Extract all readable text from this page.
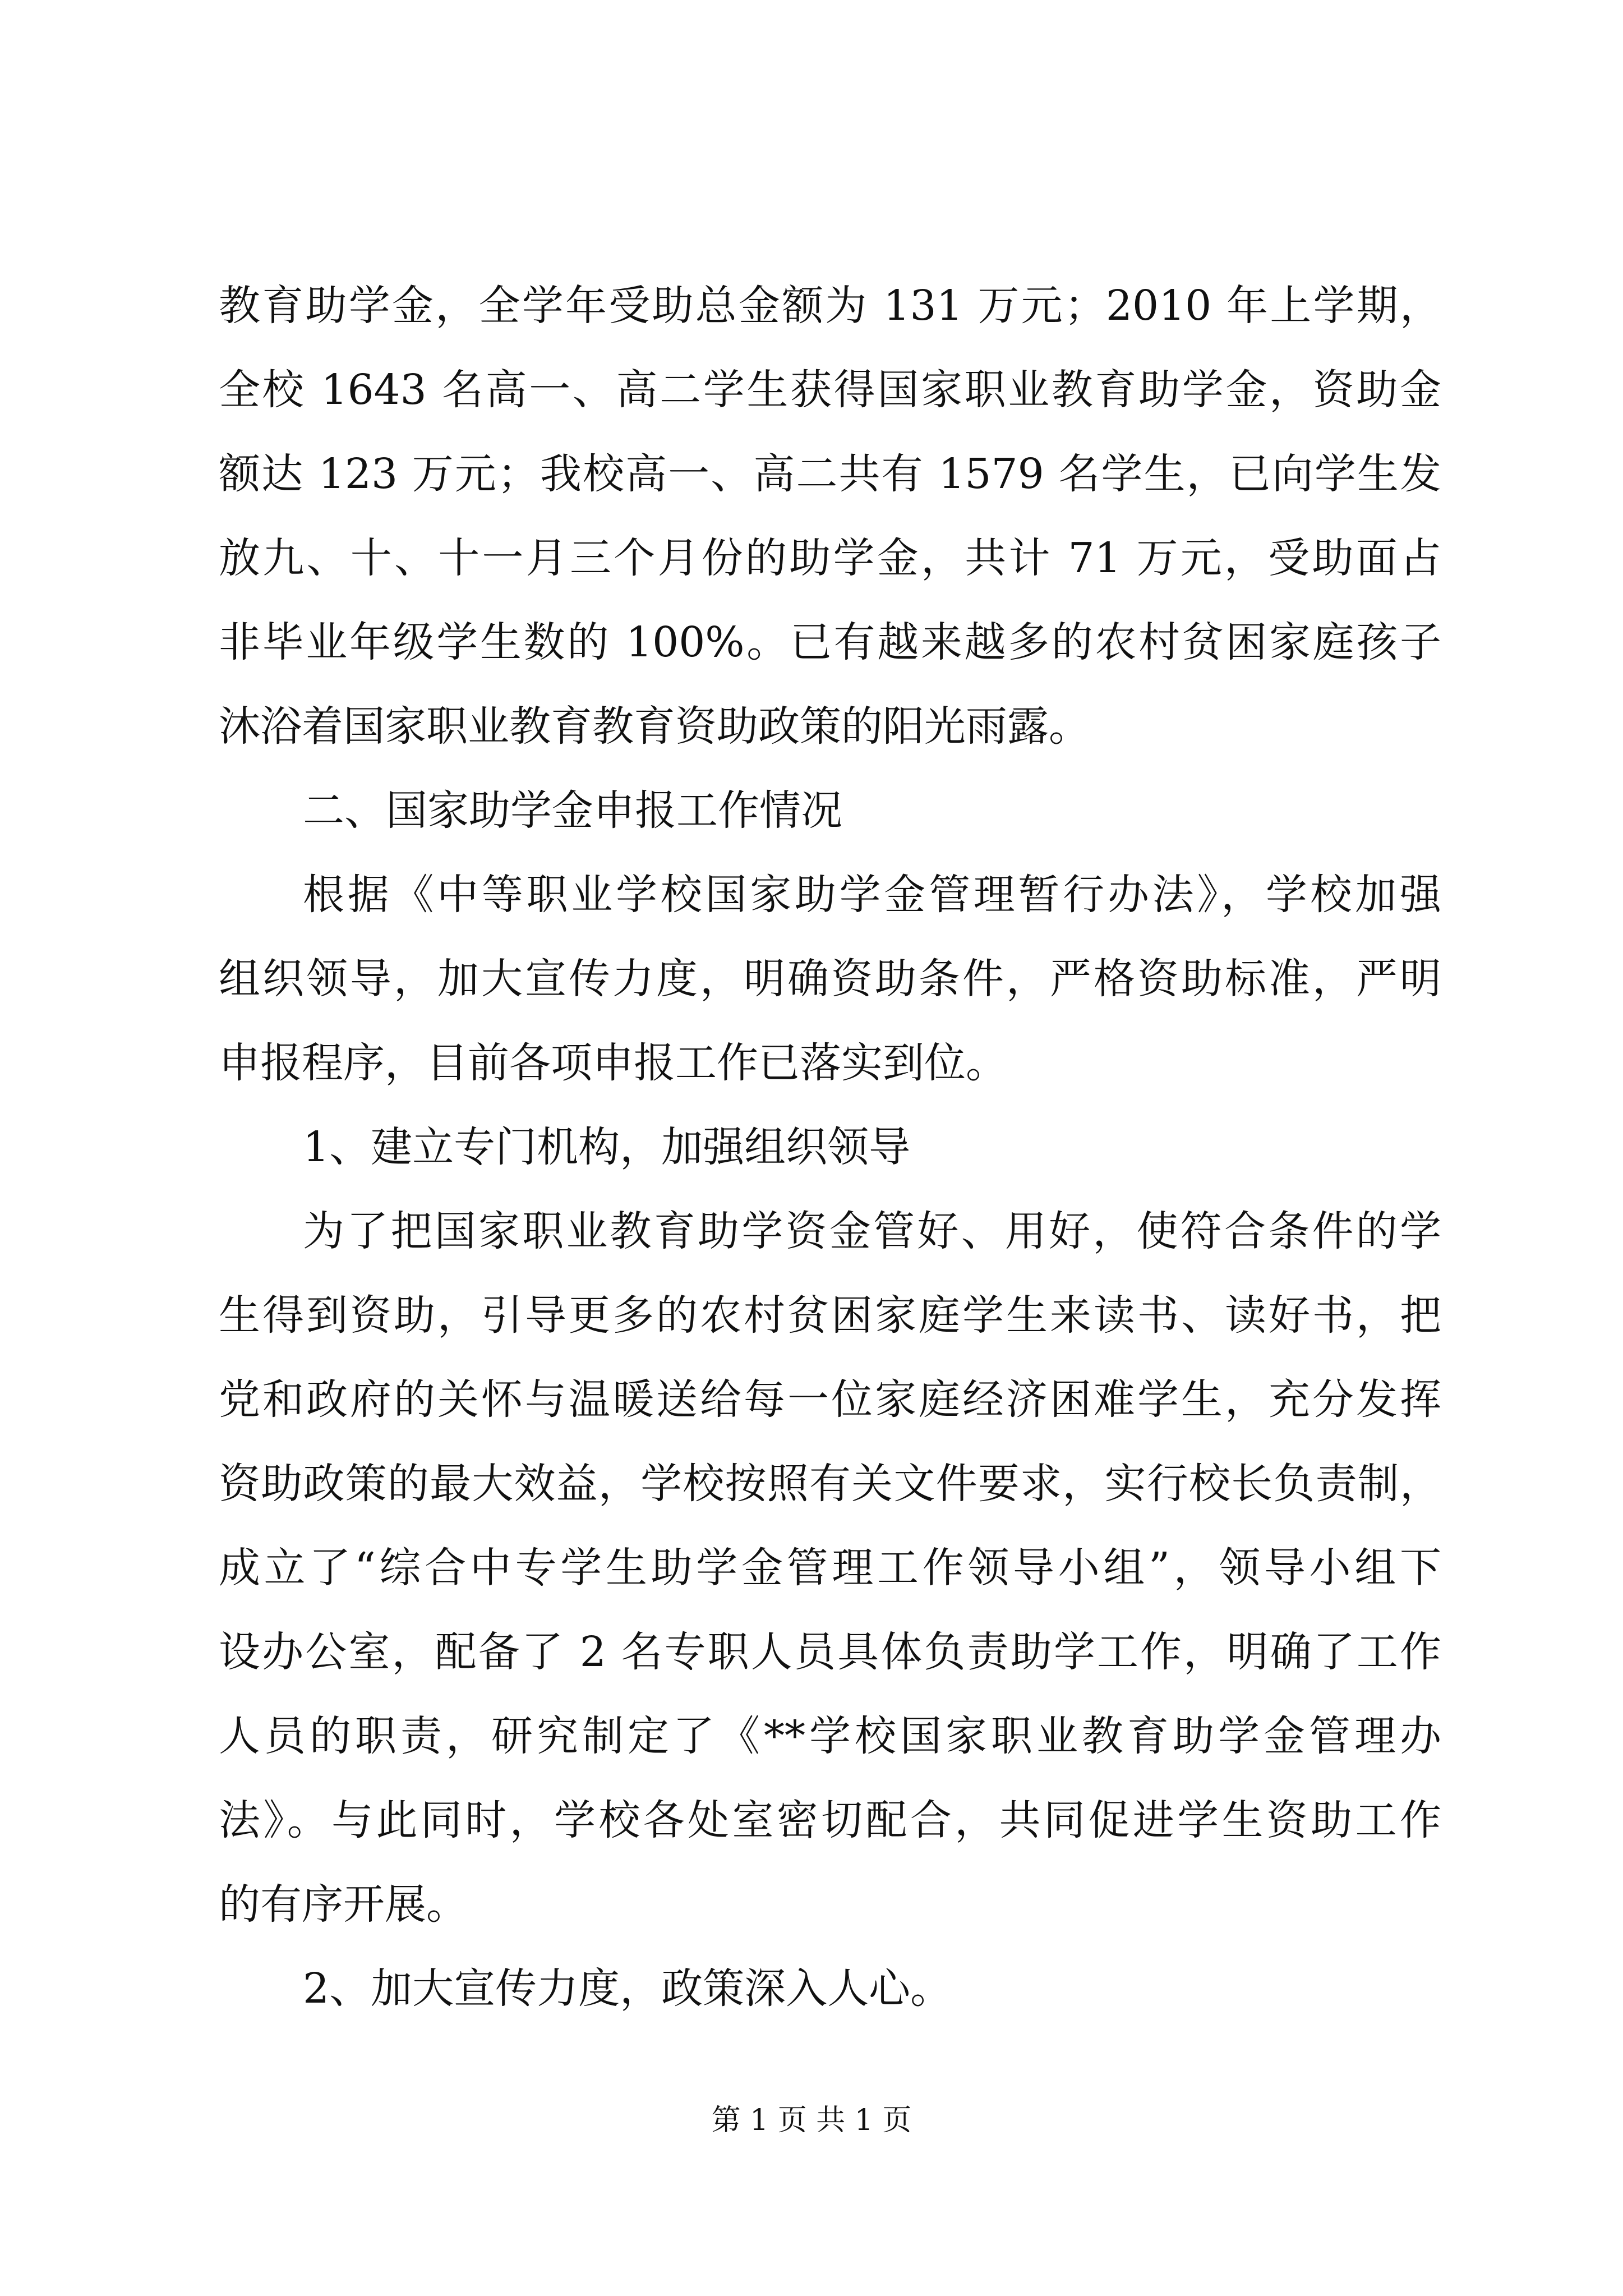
教育助学金，全学年受助总金额为 131 万元；2010 年上学期，
全校 1643 名高一、高二学生获得国家职业教育助学金，资助金
额达 123 万元；我校高一、高二共有 1579 名学生，已向学生发
放九、十、十一月三个月份的助学金，共计 71 万元，受助面占
非毕业年级学生数的 100%。已有越来越多的农村贫困家庭孩子
沐浴着国家职业教育教育资助政策的阳光雨露。
二、国家助学金申报工作情况
根据《中等职业学校国家助学金管理暂行办法》，学校加强
组织领导，加大宣传力度，明确资助条件，严格资助标准，严明
申报程序，目前各项申报工作已落实到位。
1、建立专门机构，加强组织领导
为了把国家职业教育助学资金管好、用好，使符合条件的学
生得到资助，引导更多的农村贫困家庭学生来读书、读好书，把
党和政府的关怀与温暖送给每一位家庭经济困难学生，充分发挥
资助政策的最大效益，学校按照有关文件要求，实行校长负责制，
成立了“综合中专学生助学金管理工作领导小组”，领导小组下
设办公室，配备了 2 名专职人员具体负责助学工作，明确了工作
人员的职责，研究制定了《**学校国家职业教育助学金管理办
法》。与此同时，学校各处室密切配合，共同促进学生资助工作
的有序开展。
2、加大宣传力度，政策深入人心。
第 1 页 共 1 页
